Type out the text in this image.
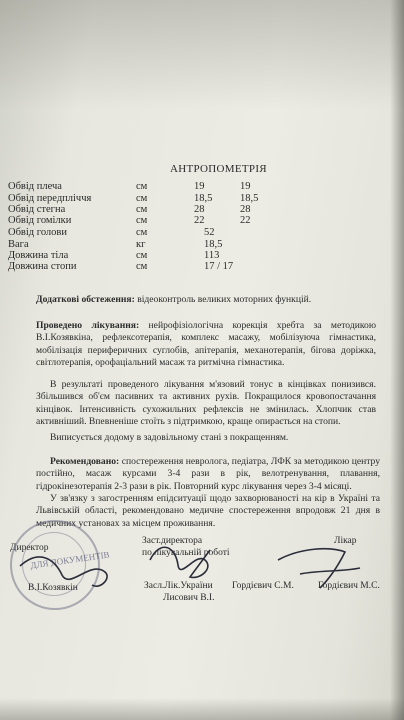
АНТРОПОМЕТРІЯ
Обвід плеча	см	19	19
Обвід передпліччя	см	18,5	18,5
Обвід стегна	см	28	28
Обвід гомілки	см	22	22
Обвід голови	см	52
Вага	кг	18,5
Довжина тіла	см	113
Довжина стопи	см	17 / 17
Додаткові обстеження: відеоконтроль великих моторних функцій.
Проведено лікування: нейрофізіологічна корекція хребта за методикою В.І.Козявкіна, рефлексотерапія, комплекс масажу, мобілізуюча гімнастика, мобілізація периферичних суглобів, апітерапія, механотерапія, бігова доріжка, світлотерапія, орофаціальний масаж та ритмічна гімнастика.
В результаті проведеного лікування м'язовий тонус в кінцівках понизився. Збільшився об'єм пасивних та активних рухів. Покращилося кровопостачання кінцівок. Інтенсивність сухожильних рефлексів не змінилась. Хлопчик став активніший. Впевненіше стоїть з підтримкою, краще опирається на стопи.
Виписується додому в задовільному стані з покращенням.
Рекомендовано: спостереження невролога, педіатра, ЛФК за методикою центру постійно, масаж курсами 3-4 рази в рік, велотренування, плавання, гідрокінезотерапія 2-3 рази в рік. Повторний курс лікування через 3-4 місяці.
У зв'язку з загостренням епідситуації щодо захворюваності на кір в Україні та Львівській області, рекомендовано медичне спостереження впродовж 21 дня в медичних установах за місцем проживання.
Заст.директора
по лікувальній роботі
Лікар
Директор
В.І.Козявкін	Засл.Лік.України Гордієвич С.М.
Лисович В.І.
Гордієвич М.С.
ДЛЯ ДОКУМЕНТІВ
